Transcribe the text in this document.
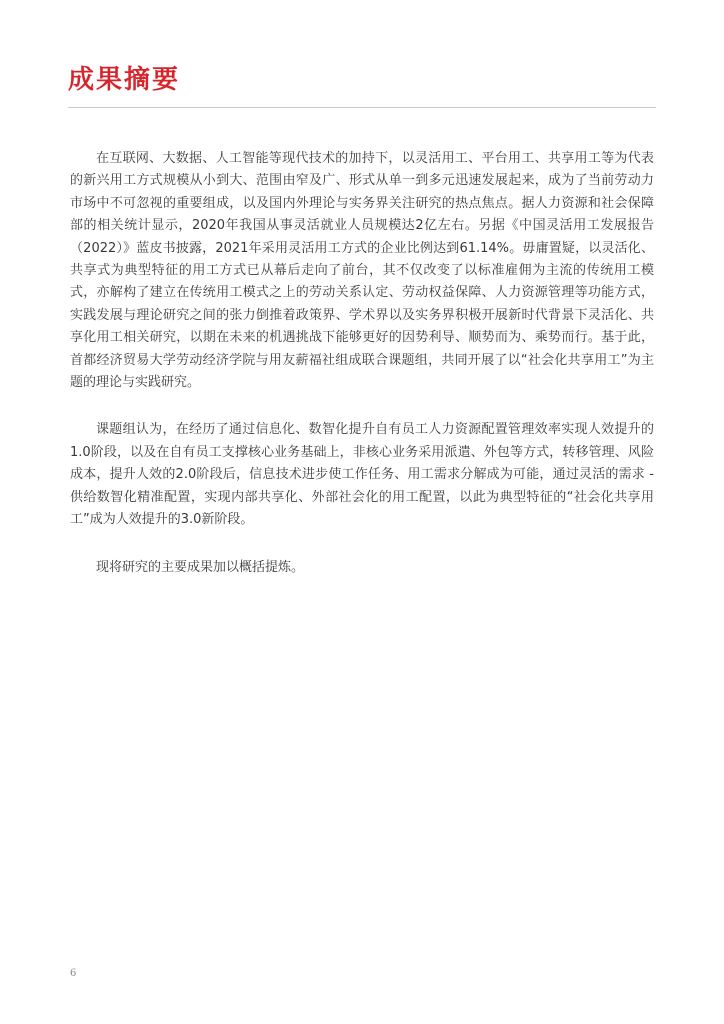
成果摘要

在互联网、大数据、人工智能等现代技术的加持下，以灵活用工、平台用工、共享用工等为代表的新兴用工方式规模从小到大、范围由窄及广、形式从单一到多元迅速发展起来，成为了当前劳动力市场中不可忽视的重要组成，以及国内外理论与实务界关注研究的热点焦点。据人力资源和社会保障部的相关统计显示，2020年我国从事灵活就业人员规模达2亿左右。另据《中国灵活用工发展报告（2022）》蓝皮书披露，2021年采用灵活用工方式的企业比例达到61.14%。毋庸置疑，以灵活化、共享式为典型特征的用工方式已从幕后走向了前台，其不仅改变了以标准雇佣为主流的传统用工模式，亦解构了建立在传统用工模式之上的劳动关系认定、劳动权益保障、人力资源管理等功能方式，实践发展与理论研究之间的张力倒推着政策界、学术界以及实务界积极开展新时代背景下灵活化、共享化用工相关研究，以期在未来的机遇挑战下能够更好的因势利导、顺势而为、乘势而行。基于此，首都经济贸易大学劳动经济学院与用友薪福社组成联合课题组，共同开展了以“社会化共享用工”为主题的理论与实践研究。

课题组认为，在经历了通过信息化、数智化提升自有员工人力资源配置管理效率实现人效提升的1.0阶段，以及在自有员工支撑核心业务基础上，非核心业务采用派遣、外包等方式，转移管理、风险成本，提升人效的2.0阶段后，信息技术进步使工作任务、用工需求分解成为可能，通过灵活的需求 - 供给数智化精准配置，实现内部共享化、外部社会化的用工配置，以此为典型特征的“社会化共享用工”成为人效提升的3.0新阶段。

现将研究的主要成果加以概括提炼。

6
